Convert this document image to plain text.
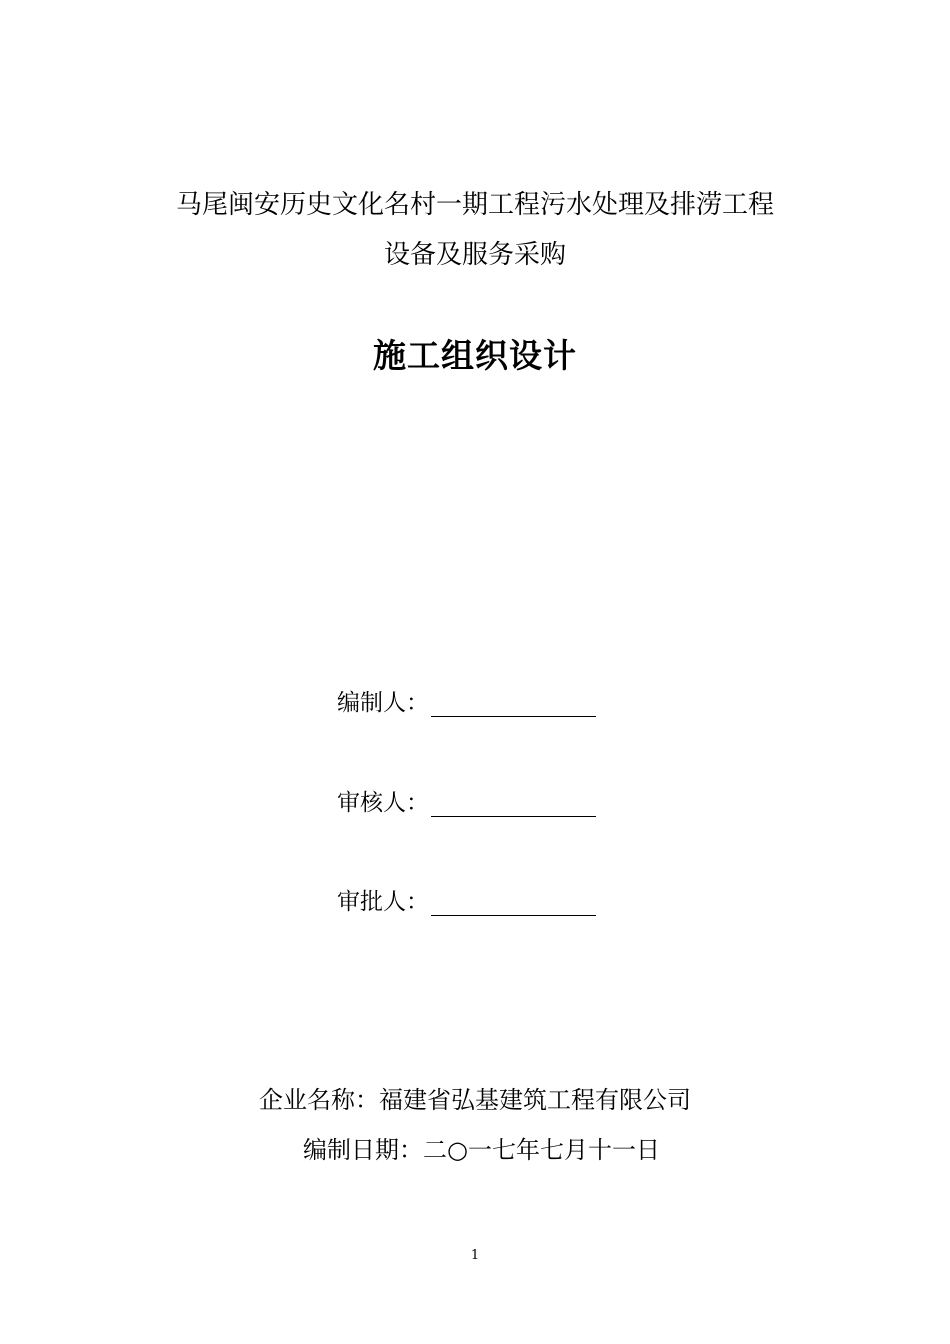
马尾闽安历史文化名村一期工程污水处理及排涝工程
设备及服务采购
施工组织设计
编制人：
审核人：
审批人：
企业名称：福建省弘基建筑工程有限公司
编制日期：二○一七年七月十一日
1
